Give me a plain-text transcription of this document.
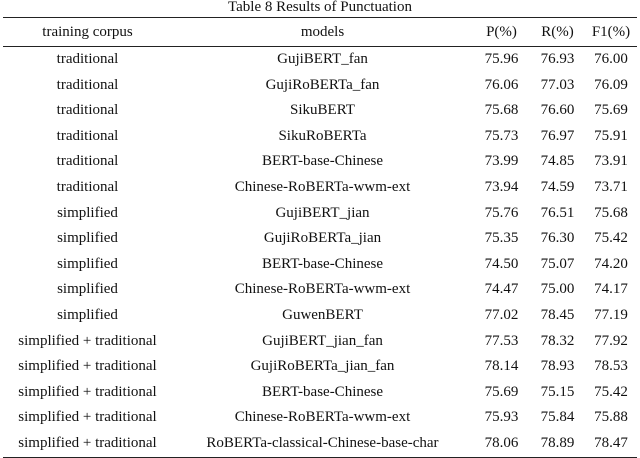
Table 8 Results of Punctuation
training corpus	models	P(%)	R(%)	F1(%)
traditional	GujiBERT_fan	75.96	76.93	76.00
traditional	GujiRoBERTa_fan	76.06	77.03	76.09
traditional	SikuBERT	75.68	76.60	75.69
traditional	SikuRoBERTa	75.73	76.97	75.91
traditional	BERT-base-Chinese	73.99	74.85	73.91
traditional	Chinese-RoBERTa-wwm-ext	73.94	74.59	73.71
simplified	GujiBERT_jian	75.76	76.51	75.68
simplified	GujiRoBERTa_jian	75.35	76.30	75.42
simplified	BERT-base-Chinese	74.50	75.07	74.20
simplified	Chinese-RoBERTa-wwm-ext	74.47	75.00	74.17
simplified	GuwenBERT	77.02	78.45	77.19
simplified + traditional	GujiBERT_jian_fan	77.53	78.32	77.92
simplified + traditional	GujiRoBERTa_jian_fan	78.14	78.93	78.53
simplified + traditional	BERT-base-Chinese	75.69	75.15	75.42
simplified + traditional	Chinese-RoBERTa-wwm-ext	75.93	75.84	75.88
simplified + traditional	RoBERTa-classical-Chinese-base-char	78.06	78.89	78.47
